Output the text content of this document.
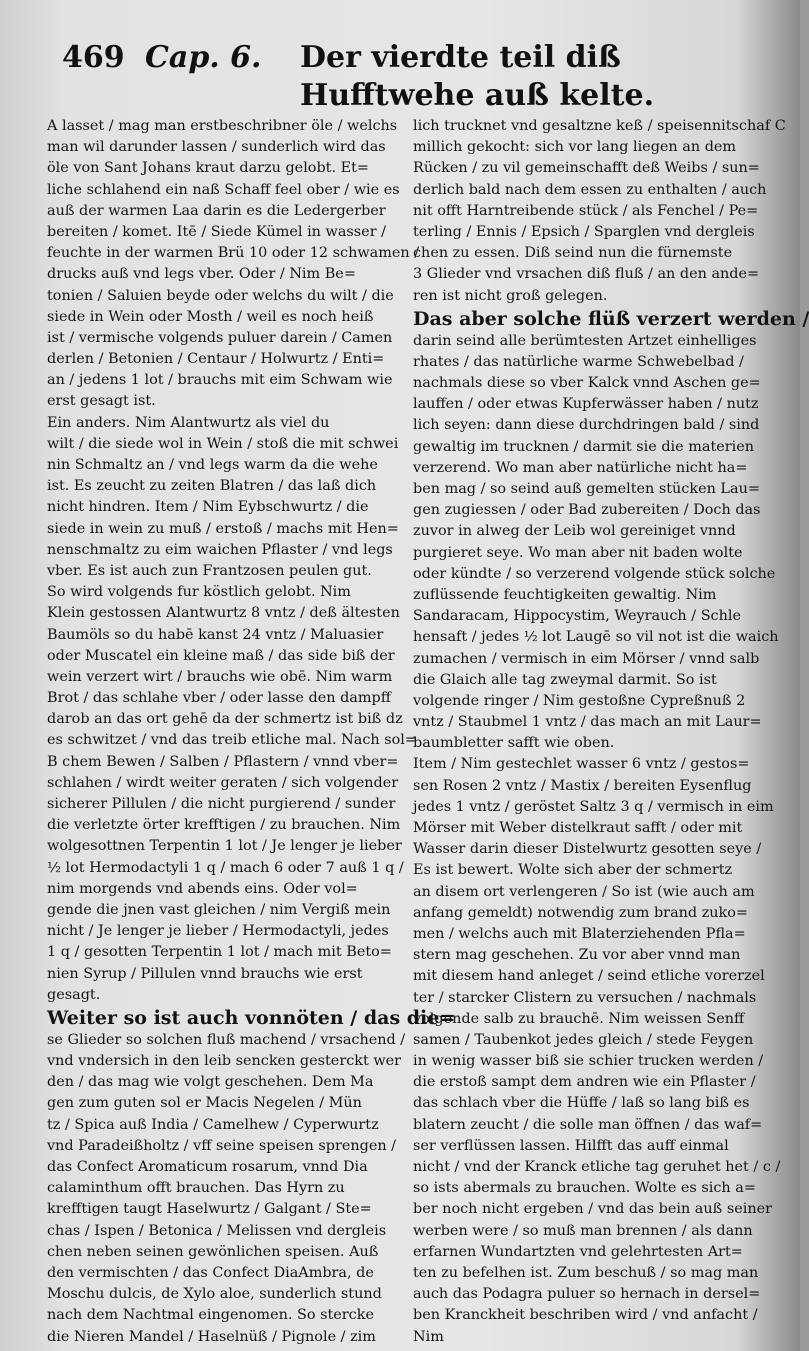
469 Cap. 6. Der vierdte teil diß
Hufftwehe auß kelte.
A lasset / mag man erstbeschribner öle / welchs
man wil darunder lassen / sunderlich wird das
öle von Sant Johans kraut darzu gelobt. Et=
liche schlahend ein naß Schaff feel ober / wie es
auß der warmen Laa darin es die Ledergerber
bereiten / komet. Itē / Siede Kümel in wasser /
feuchte in der warmen Brü 10 oder 12 schwamen /
drucks auß vnd legs vber. Oder / Nim Be=
tonien / Saluien beyde oder welchs du wilt / die
siede in Wein oder Mosth / weil es noch heiß
ist / vermische volgends puluer darein / Camen
derlen / Betonien / Centaur / Holwurtz / Enti=
an / jedens 1 lot / brauchs mit eim Schwam wie
erst gesagt ist.
Ein anders. Nim Alantwurtz als viel du
wilt / die siede wol in Wein / stoß die mit schwei
nin Schmaltz an / vnd legs warm da die wehe
ist. Es zeucht zu zeiten Blatren / das laß dich
nicht hindren. Item / Nim Eybschwurtz / die
siede in wein zu muß / erstoß / machs mit Hen=
nenschmaltz zu eim waichen Pflaster / vnd legs
vber. Es ist auch zun Frantzosen peulen gut.
So wird volgends fur köstlich gelobt. Nim
Klein gestossen Alantwurtz 8 vntz / deß ältesten
Baumöls so du habē kanst 24 vntz / Maluasier
oder Muscatel ein kleine maß / das side biß der
wein verzert wirt / brauchs wie obē. Nim warm
Brot / das schlahe vber / oder lasse den dampff
darob an das ort gehē da der schmertz ist biß dz
es schwitzet / vnd das treib etliche mal. Nach sol=
B chem Bewen / Salben / Pflastern / vnnd vber=
schlahen / wirdt weiter geraten / sich volgender
sicherer Pillulen / die nicht purgierend / sunder
die verletzte örter krefftigen / zu brauchen. Nim
wolgesottnen Terpentin 1 lot / Je lenger je lieber
½ lot Hermodactyli 1 q / mach 6 oder 7 auß 1 q /
nim morgends vnd abends eins. Oder vol=
gende die jnen vast gleichen / nim Vergiß mein
nicht / Je lenger je lieber / Hermodactyli, jedes
1 q / gesotten Terpentin 1 lot / mach mit Beto=
nien Syrup / Pillulen vnnd brauchs wie erst
gesagt.
Weiter so ist auch vonnöten / das die=
se Glieder so solchen fluß machend / vrsachend /
vnd vndersich in den leib sencken gesterckt wer
den / das mag wie volgt geschehen. Dem Ma
gen zum guten sol er Macis Negelen / Mün
tz / Spica auß India / Camelhew / Cyperwurtz
vnd Paradeißholtz / vff seine speisen sprengen /
das Confect Aromaticum rosarum, vnnd Dia
calaminthum offt brauchen. Das Hyrn zu
krefftigen taugt Haselwurtz / Galgant / Ste=
chas / Ispen / Betonica / Melissen vnd dergleis
chen neben seinen gewönlichen speisen. Auß
den vermischten / das Confect DiaAmbra, de
Moschu dulcis, de Xylo aloe, sunderlich stund
nach dem Nachtmal eingenomen. So stercke
die Nieren Mandel / Haselnüß / Pignole / zim
lich trucknet vnd gesaltzne keß / speisennitschaf C
millich gekocht: sich vor lang liegen an dem
Rücken / zu vil gemeinschafft deß Weibs / sun=
derlich bald nach dem essen zu enthalten / auch
nit offt Harntreibende stück / als Fenchel / Pe=
terling / Ennis / Epsich / Sparglen vnd dergleis
chen zu essen. Diß seind nun die fürnemste
3 Glieder vnd vrsachen diß fluß / an den ande=
ren ist nicht groß gelegen.
Das aber solche flüß verzert werden /
darin seind alle berümtesten Artzet einhelliges
rhates / das natürliche warme Schwebelbad /
nachmals diese so vber Kalck vnnd Aschen ge=
lauffen / oder etwas Kupferwässer haben / nutz
lich seyen: dann diese durchdringen bald / sind
gewaltig im trucknen / darmit sie die materien
verzerend. Wo man aber natürliche nicht ha=
ben mag / so seind auß gemelten stücken Lau=
gen zugiessen / oder Bad zubereiten / Doch das
zuvor in alweg der Leib wol gereiniget vnnd
purgieret seye. Wo man aber nit baden wolte
oder kündte / so verzerend volgende stück solche
zuflüssende feuchtigkeiten gewaltig. Nim
Sandaracam, Hippocystim, Weyrauch / Schle
hensaft / jedes ½ lot Laugē so vil not ist die waich
zumachen / vermisch in eim Mörser / vnnd salb
die Glaich alle tag zweymal darmit. So ist
volgende ringer / Nim gestoßne Cypreßnuß 2
vntz / Staubmel 1 vntz / das mach an mit Laur=
baumbletter safft wie oben.
Item / Nim gestechlet wasser 6 vntz / gestos=
sen Rosen 2 vntz / Mastix / bereiten Eysenflug
jedes 1 vntz / geröstet Saltz 3 q / vermisch in eim
Mörser mit Weber distelkraut safft / oder mit
Wasser darin dieser Distelwurtz gesotten seye /
Es ist bewert. Wolte sich aber der schmertz
an disem ort verlengeren / So ist (wie auch am
anfang gemeldt) notwendig zum brand zuko=
men / welchs auch mit Blaterziehenden Pfla=
stern mag geschehen. Zu vor aber vnnd man
mit diesem hand anleget / seind etliche vorerzel
ter / starcker Clistern zu versuchen / nachmals
volgende salb zu brauchē. Nim weissen Senff
samen / Taubenkot jedes gleich / stede Feygen
in wenig wasser biß sie schier trucken werden /
die erstoß sampt dem andren wie ein Pflaster /
das schlach vber die Hüffe / laß so lang biß es
blatern zeucht / die solle man öffnen / das waf=
ser verflüssen lassen. Hilfft das auff einmal
nicht / vnd der Kranck etliche tag geruhet het / c /
so ists abermals zu brauchen. Wolte es sich a=
ber noch nicht ergeben / vnd das bein auß seiner
werben were / so muß man brennen / als dann
erfarnen Wundartzten vnd gelehrtesten Art=
ten zu befelhen ist. Zum beschuß / so mag man
auch das Podagra puluer so hernach in dersel=
ben Kranckheit beschriben wird / vnd anfacht /
Nim
